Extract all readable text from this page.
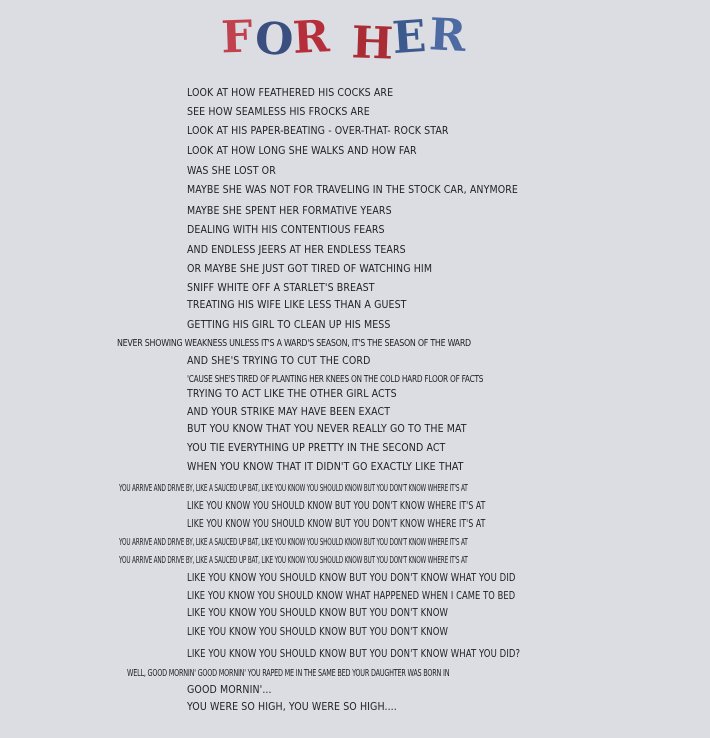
F O
R H
E R
LOOK AT HOW FEATHERED HIS COCKS ARE
SEE HOW SEAMLESS HIS FROCKS ARE
LOOK AT HIS PAPER-BEATING - OVER-THAT- ROCK STAR
LOOK AT HOW LONG SHE WALKS AND HOW FAR
WAS SHE LOST OR
MAYBE SHE WAS NOT FOR TRAVELING IN THE STOCK CAR, ANYMORE
MAYBE SHE SPENT HER FORMATIVE YEARS
DEALING WITH HIS CONTENTIOUS FEARS
AND ENDLESS JEERS AT HER ENDLESS TEARS
OR MAYBE SHE JUST GOT TIRED OF WATCHING HIM
SNIFF WHITE OFF A STARLET'S BREAST
TREATING HIS WIFE LIKE LESS THAN A GUEST
GETTING HIS GIRL TO CLEAN UP HIS MESS
NEVER SHOWING WEAKNESS UNLESS IT'S A WARD'S SEASON, IT'S THE SEASON OF THE WARD
AND SHE'S TRYING TO CUT THE CORD
'CAUSE SHE'S TIRED OF PLANTING HER KNEES ON THE COLD HARD FLOOR OF FACTS
TRYING TO ACT LIKE THE OTHER GIRL ACTS
AND YOUR STRIKE MAY HAVE BEEN EXACT
BUT YOU KNOW THAT YOU NEVER REALLY GO TO THE MAT
YOU TIE EVERYTHING UP PRETTY IN THE SECOND ACT
WHEN YOU KNOW THAT IT DIDN'T GO EXACTLY LIKE THAT
YOU ARRIVE AND DRIVE BY, LIKE A SAUCED UP BAT, LIKE YOU KNOW YOU SHOULD KNOW BUT YOU DON'T KNOW WHERE IT'S AT
LIKE YOU KNOW YOU SHOULD KNOW BUT YOU DON'T KNOW WHERE IT'S AT
LIKE YOU KNOW YOU SHOULD KNOW BUT YOU DON'T KNOW WHERE IT'S AT
YOU ARRIVE AND DRIVE BY, LIKE A SAUCED UP BAT, LIKE YOU KNOW YOU SHOULD KNOW BUT YOU DON'T KNOW WHERE IT'S AT
YOU ARRIVE AND DRIVE BY, LIKE A SAUCED UP BAT, LIKE YOU KNOW YOU SHOULD KNOW BUT YOU DON'T KNOW WHERE IT'S AT
LIKE YOU KNOW YOU SHOULD KNOW BUT YOU DON'T KNOW WHAT YOU DID
LIKE YOU KNOW YOU SHOULD KNOW WHAT HAPPENED WHEN I CAME TO BED
LIKE YOU KNOW YOU SHOULD KNOW BUT YOU DON'T KNOW
LIKE YOU KNOW YOU SHOULD KNOW BUT YOU DON'T KNOW
LIKE YOU KNOW YOU SHOULD KNOW BUT YOU DON'T KNOW WHAT YOU DID?
WELL, GOOD MORNIN' GOOD MORNIN' YOU RAPED ME IN THE SAME BED YOUR DAUGHTER WAS BORN IN
GOOD MORNIN'...
YOU WERE SO HIGH, YOU WERE SO HIGH....
